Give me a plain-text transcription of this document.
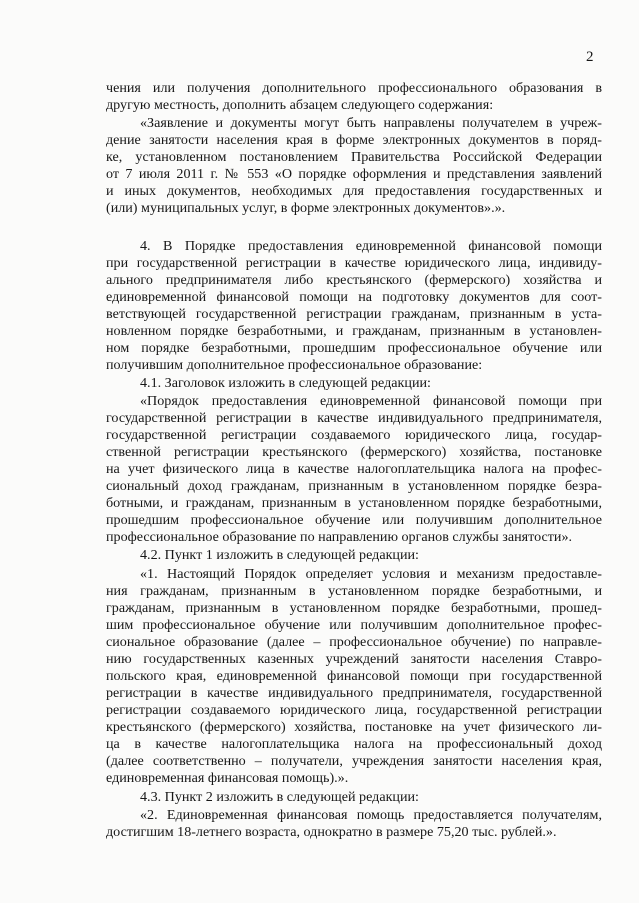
2
чения или получения дополнительного профессионального образования в
другую местность, дополнить абзацем следующего содержания:
«Заявление и документы могут быть направлены получателем в учреж-
дение занятости населения края в форме электронных документов в поряд-
ке, установленном постановлением Правительства Российской Федерации
от 7 июля 2011 г. № 553 «О порядке оформления и представления заявлений
и иных документов, необходимых для предоставления государственных и
(или) муниципальных услуг, в форме электронных документов».».
4. В Порядке предоставления единовременной финансовой помощи
при государственной регистрации в качестве юридического лица, индивиду-
ального предпринимателя либо крестьянского (фермерского) хозяйства и
единовременной финансовой помощи на подготовку документов для соот-
ветствующей государственной регистрации гражданам, признанным в уста-
новленном порядке безработными, и гражданам, признанным в установлен-
ном порядке безработными, прошедшим профессиональное обучение или
получившим дополнительное профессиональное образование:
4.1. Заголовок изложить в следующей редакции:
«Порядок предоставления единовременной финансовой помощи при
государственной регистрации в качестве индивидуального предпринимателя,
государственной регистрации создаваемого юридического лица, государ-
ственной регистрации крестьянского (фермерского) хозяйства, постановке
на учет физического лица в качестве налогоплательщика налога на профес-
сиональный доход гражданам, признанным в установленном порядке безра-
ботными, и гражданам, признанным в установленном порядке безработными,
прошедшим профессиональное обучение или получившим дополнительное
профессиональное образование по направлению органов службы занятости».
4.2. Пункт 1 изложить в следующей редакции:
«1. Настоящий Порядок определяет условия и механизм предоставле-
ния гражданам, признанным в установленном порядке безработными, и
гражданам, признанным в установленном порядке безработными, прошед-
шим профессиональное обучение или получившим дополнительное профес-
сиональное образование (далее – профессиональное обучение) по направле-
нию государственных казенных учреждений занятости населения Ставро-
польского края, единовременной финансовой помощи при государственной
регистрации в качестве индивидуального предпринимателя, государственной
регистрации создаваемого юридического лица, государственной регистрации
крестьянского (фермерского) хозяйства, постановке на учет физического ли-
ца в качестве налогоплательщика налога на профессиональный доход
(далее соответственно – получатели, учреждения занятости населения края,
единовременная финансовая помощь).».
4.3. Пункт 2 изложить в следующей редакции:
«2. Единовременная финансовая помощь предоставляется получателям,
достигшим 18-летнего возраста, однократно в размере 75,20 тыс. рублей.».
